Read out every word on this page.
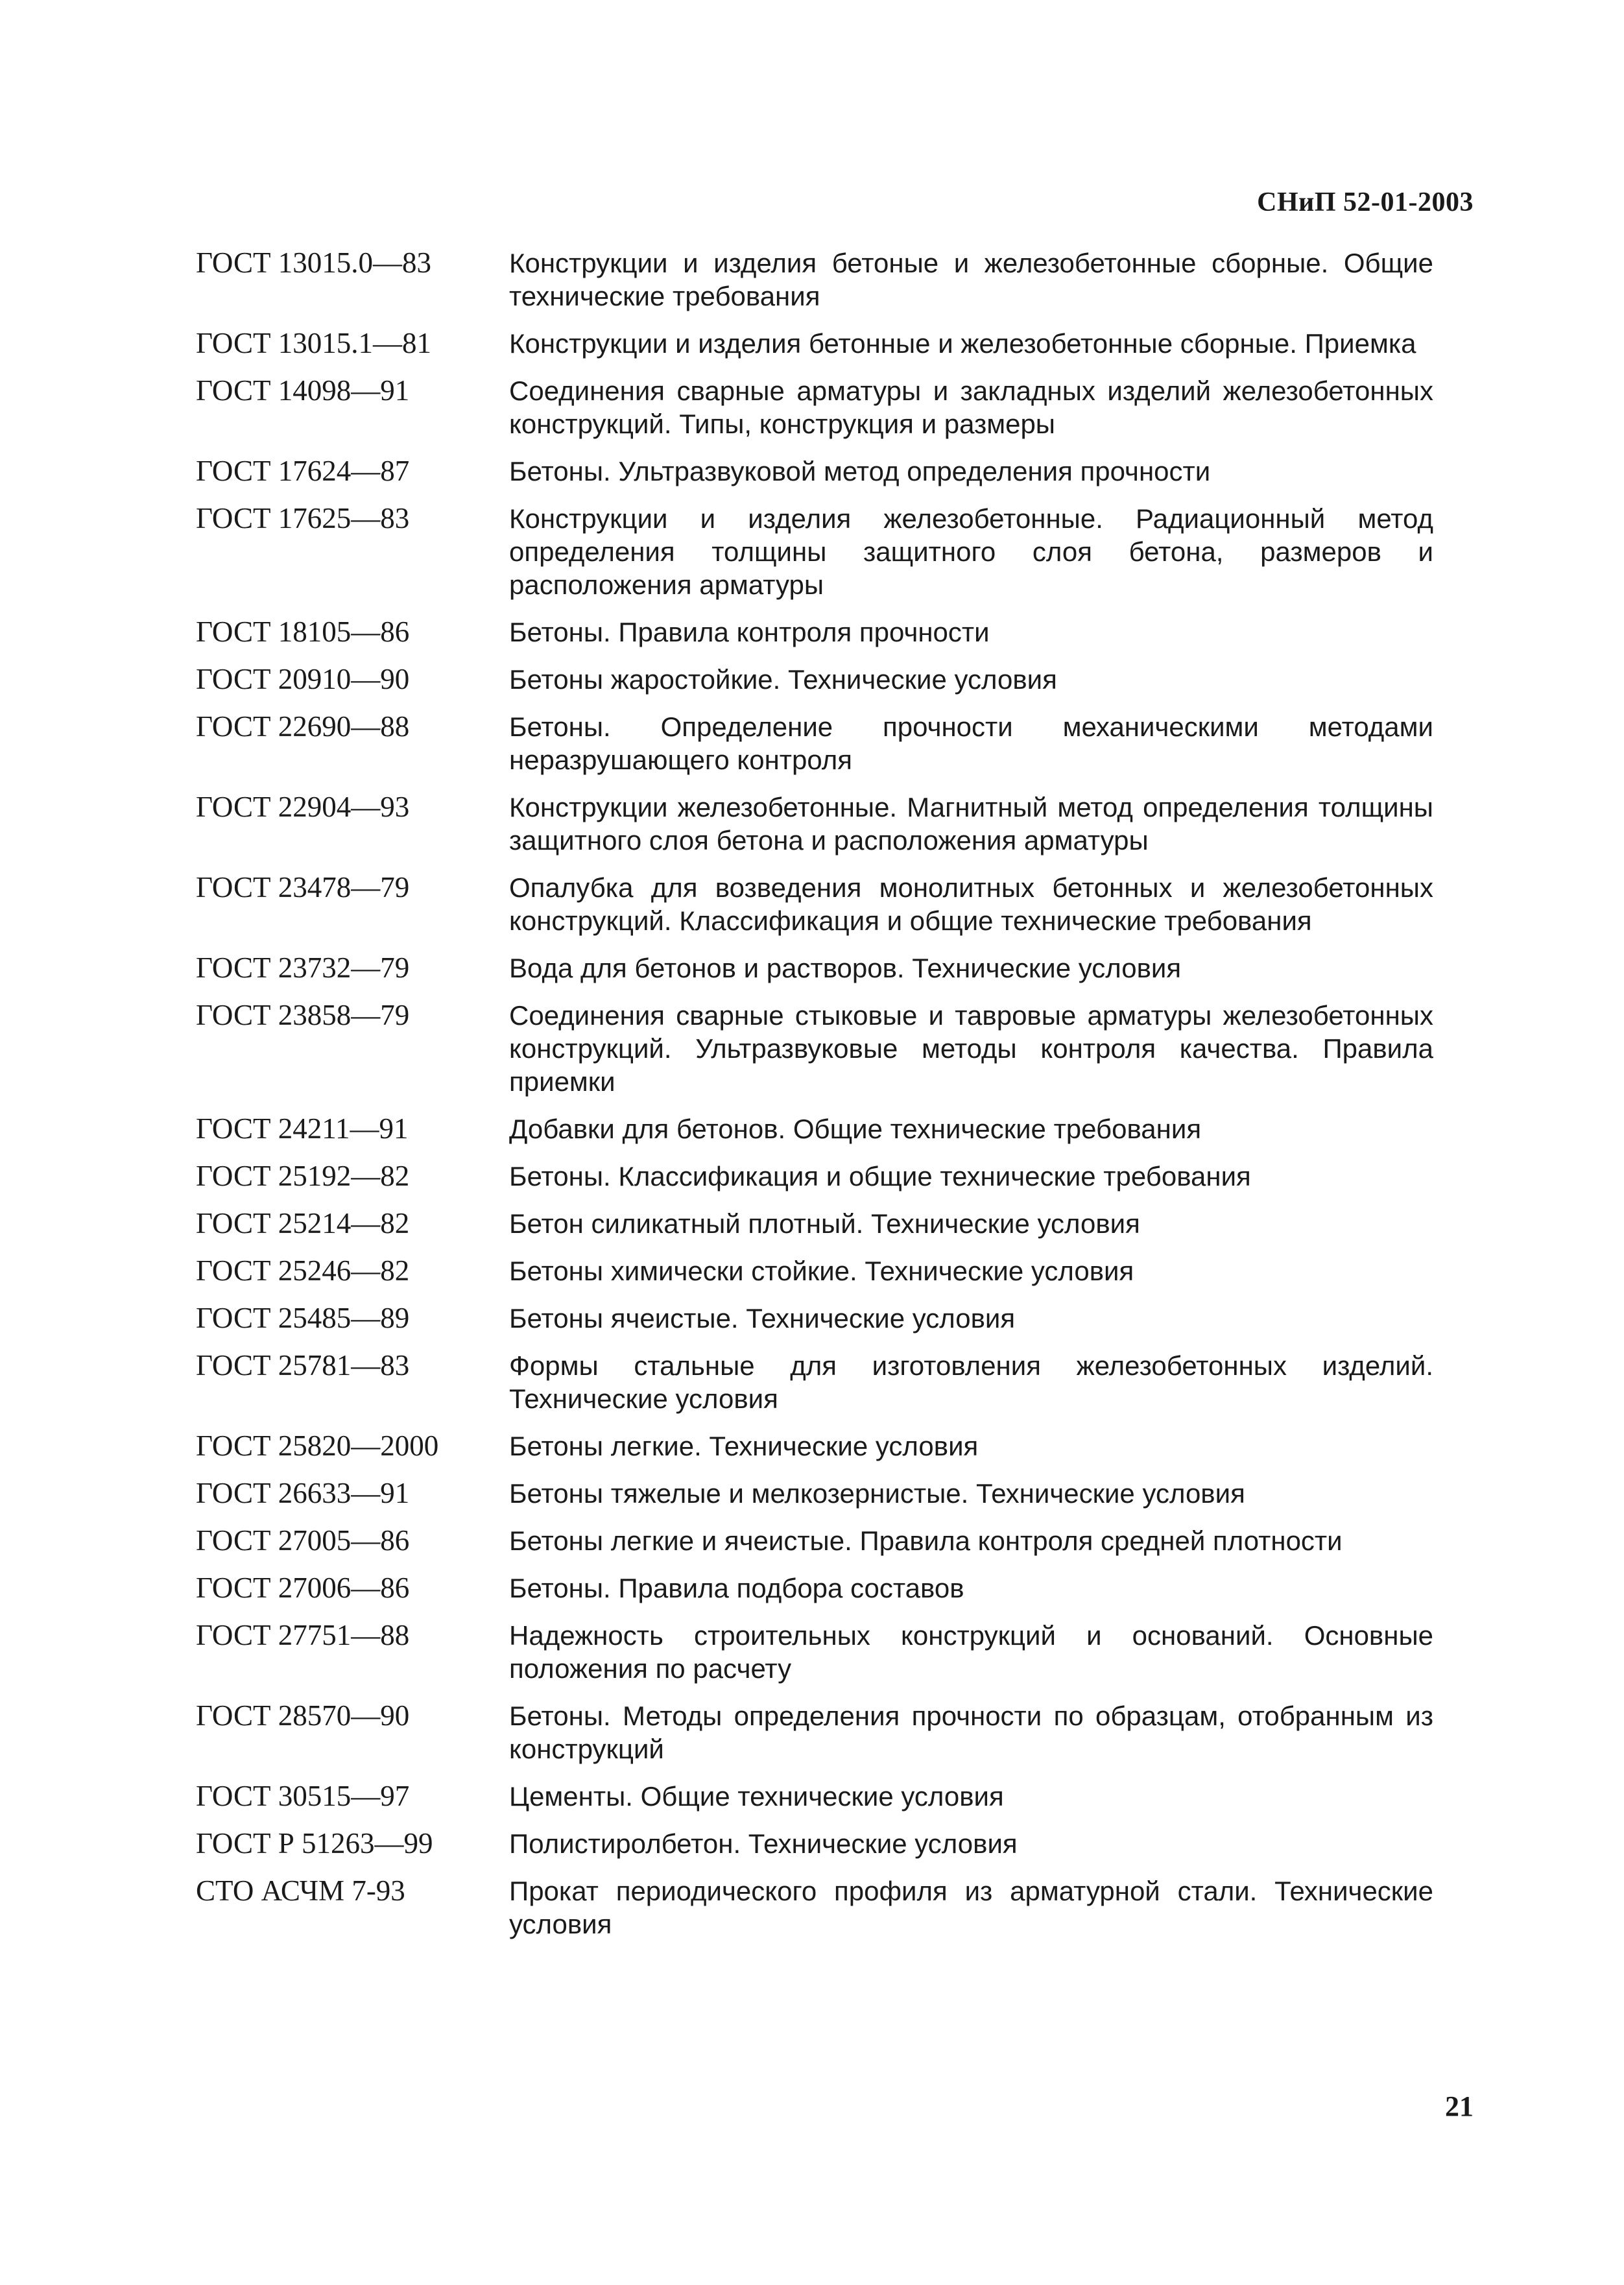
СНиП 52-01-2003
ГОСТ 13015.0—83	Конструкции и изделия бетоные и железобетонные сборные. Общие технические требования
ГОСТ 13015.1—81	Конструкции и изделия бетонные и железобетонные сборные. Приемка
ГОСТ 14098—91	Соединения сварные арматуры и закладных изделий железобетонных конструкций. Типы, конструкция и размеры
ГОСТ 17624—87	Бетоны. Ультразвуковой метод определения прочности
ГОСТ 17625—83	Конструкции и изделия железобетонные. Радиационный метод определения толщины защитного слоя бетона, размеров и расположения арматуры
ГОСТ 18105—86	Бетоны. Правила контроля прочности
ГОСТ 20910—90	Бетоны жаростойкие. Технические условия
ГОСТ 22690—88	Бетоны. Определение прочности механическими методами неразрушающего контроля
ГОСТ 22904—93	Конструкции железобетонные. Магнитный метод определения толщины защитного слоя бетона и расположения арматуры
ГОСТ 23478—79	Опалубка для возведения монолитных бетонных и железобетонных конструкций. Классификация и общие технические требования
ГОСТ 23732—79	Вода для бетонов и растворов. Технические условия
ГОСТ 23858—79	Соединения сварные стыковые и тавровые арматуры железобетонных конструкций. Ультразвуковые методы контроля качества. Правила приемки
ГОСТ 24211—91	Добавки для бетонов. Общие технические требования
ГОСТ 25192—82	Бетоны. Классификация и общие технические требования
ГОСТ 25214—82	Бетон силикатный плотный. Технические условия
ГОСТ 25246—82	Бетоны химически стойкие. Технические условия
ГОСТ 25485—89	Бетоны ячеистые. Технические условия
ГОСТ 25781—83	Формы стальные для изготовления железобетонных изделий. Технические условия
ГОСТ 25820—2000	Бетоны легкие. Технические условия
ГОСТ 26633—91	Бетоны тяжелые и мелкозернистые. Технические условия
ГОСТ 27005—86	Бетоны легкие и ячеистые. Правила контроля средней плотности
ГОСТ 27006—86	Бетоны. Правила подбора составов
ГОСТ 27751—88	Надежность строительных конструкций и оснований. Основные положения по расчету
ГОСТ 28570—90	Бетоны. Методы определения прочности по образцам, отобранным из конструкций
ГОСТ 30515—97	Цементы. Общие технические условия
ГОСТ Р 51263—99	Полистиролбетон. Технические условия
СТО АСЧМ 7-93	Прокат периодического профиля из арматурной стали. Технические условия
21
